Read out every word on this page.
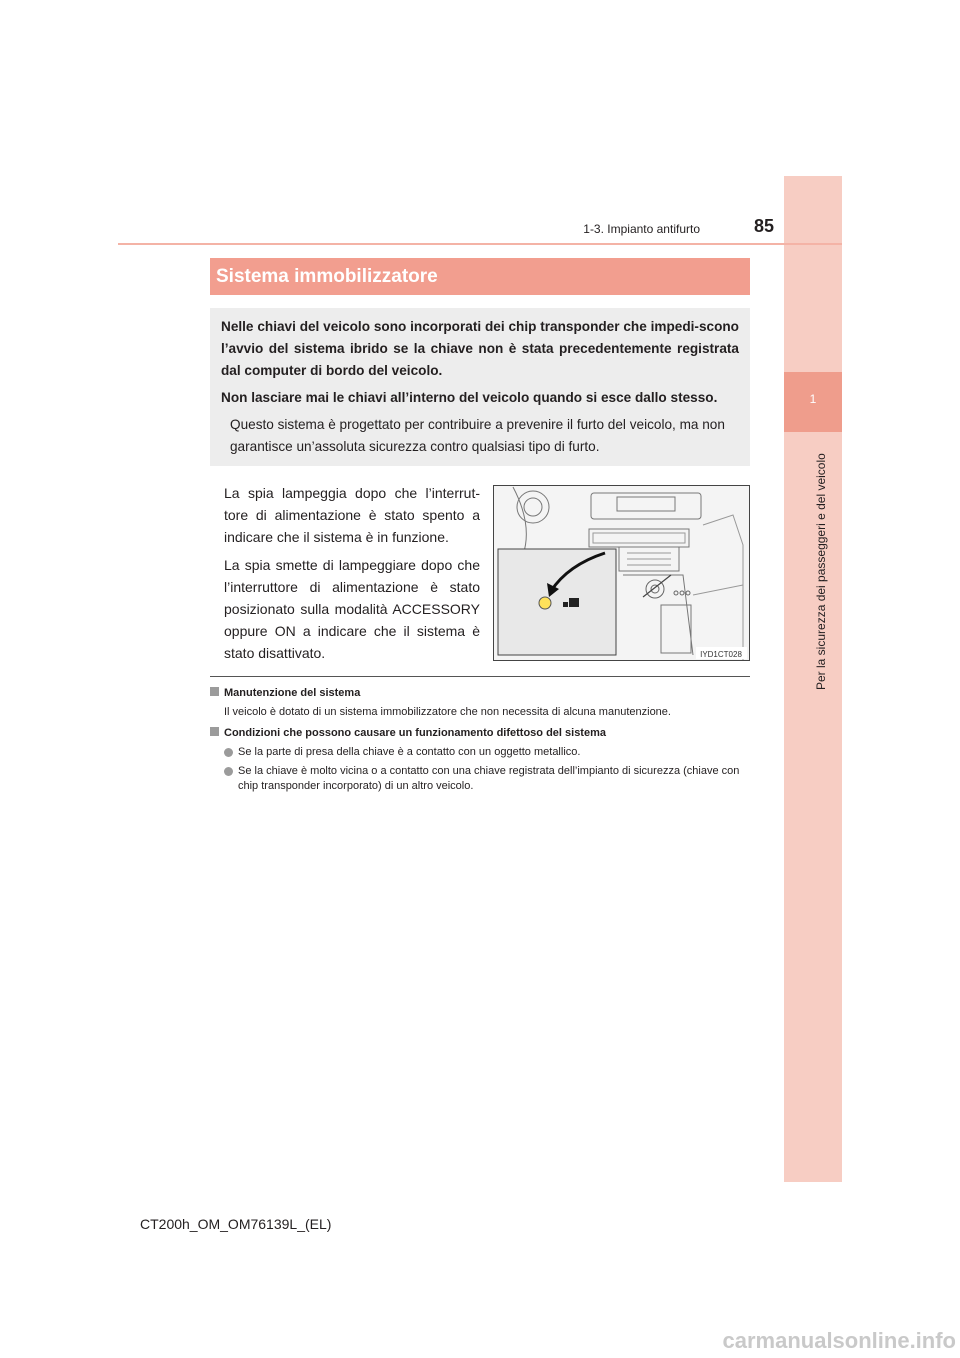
1
Per la sicurezza dei passeggeri e del veicolo
1-3. Impianto antifurto	85
Sistema immobilizzatore

Nelle chiavi del veicolo sono incorporati dei chip transponder che impedi-scono l’avvio del sistema ibrido se la chiave non è stata precedentemente registrata dal computer di bordo del veicolo.

Non lasciare mai le chiavi all’interno del veicolo quando si esce dallo stesso.

Questo sistema è progettato per contribuire a prevenire il furto del veicolo, ma non garantisce un’assoluta sicurezza contro qualsiasi tipo di furto.

La spia lampeggia dopo che l’interrut-tore di alimentazione è stato spento a indicare che il sistema è in funzione.

La spia smette di lampeggiare dopo che l’interruttore di alimentazione è stato posizionato sulla modalità ACCESSORY oppure ON a indicare che il sistema è stato disattivato.	IYD1CT028

Manutenzione del sistema

Il veicolo è dotato di un sistema immobilizzatore che non necessita di alcuna manutenzione.

Condizioni che possono causare un funzionamento difettoso del sistema

Se la parte di presa della chiave è a contatto con un oggetto metallico.
Se la chiave è molto vicina o a contatto con una chiave registrata dell’impianto di sicurezza (chiave con chip transponder incorporato) di un altro veicolo.
CT200h_OM_OM76139L_(EL)
carmanualsonline.info
